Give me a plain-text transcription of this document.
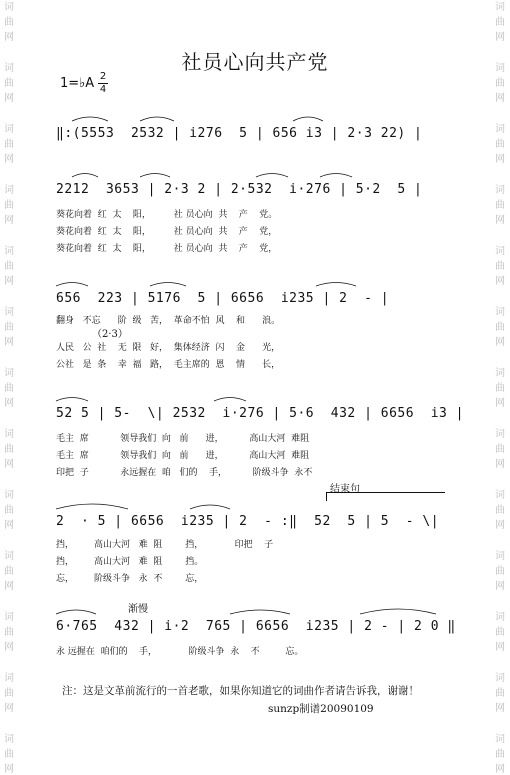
词
曲
网
词
曲
网
词
曲
网
词
曲
网
词
曲
网
词
曲
网
词
曲
网
词
曲
网
词
曲
网
词
曲
网
词
曲
网
词
曲
网
词
曲
网
词
曲
网
词
曲
网
词
曲
网
词
曲
网
词
曲
网
词
曲
网
词
曲
网
词
曲
网
词
曲
网
词
曲
网
词
曲
网
词
曲
网
词
曲
网
社员心向共产党
1=♭A 2
4
‖:(5553  2532 | i276  5 | 656 i3 | 2·3 22) |
2212  3653 | 2·3 2 | 2·532  i·276 | 5·2  5 |
葵花向着  红  太    阳，        社 员心向  共    产    党。
葵花向着  红  太    阳，        社 员心向  共    产    党，
葵花向着  红  太    阳，        社 员心向  共    产    党，
656  223 | 5176  5 | 6656  i235 | 2  - |
翻身   不忘      阶  级   苦，  革命不怕  风    和      浪。
（2·3）
人民   公  社    无  限   好，  集体经济  闪    金      光，
公社   是  条    幸  福   路，  毛主席的  恩    情      长，
52 5 | 5-  \| 2532  i·276 | 5·6  432 | 6656  i3 |
毛主  席           领导我们  向   前      进，         高山大河  难阻
毛主  席           领导我们  向   前      进，         高山大河  难阻
印把  子           永远握在  咱   们的    手，         阶级斗争  永不
结束句
2  · 5 | 6656  i235 | 2  - :‖  52  5 | 5  - \|
挡，       高山大河   难  阻        挡，           印把    子
挡，       高山大河   难  阻        挡。
忘，       阶级斗争   永  不        忘，
渐慢
6·765  432 | i·2  765 | 6656  i235 | 2 - | 2 0 ‖
永 远握在  咱们的    手，           阶级斗争  永    不         忘。
注：这是文革前流行的一首老歌，如果你知道它的词曲作者请告诉我，谢谢！
sunzp制谱20090109
